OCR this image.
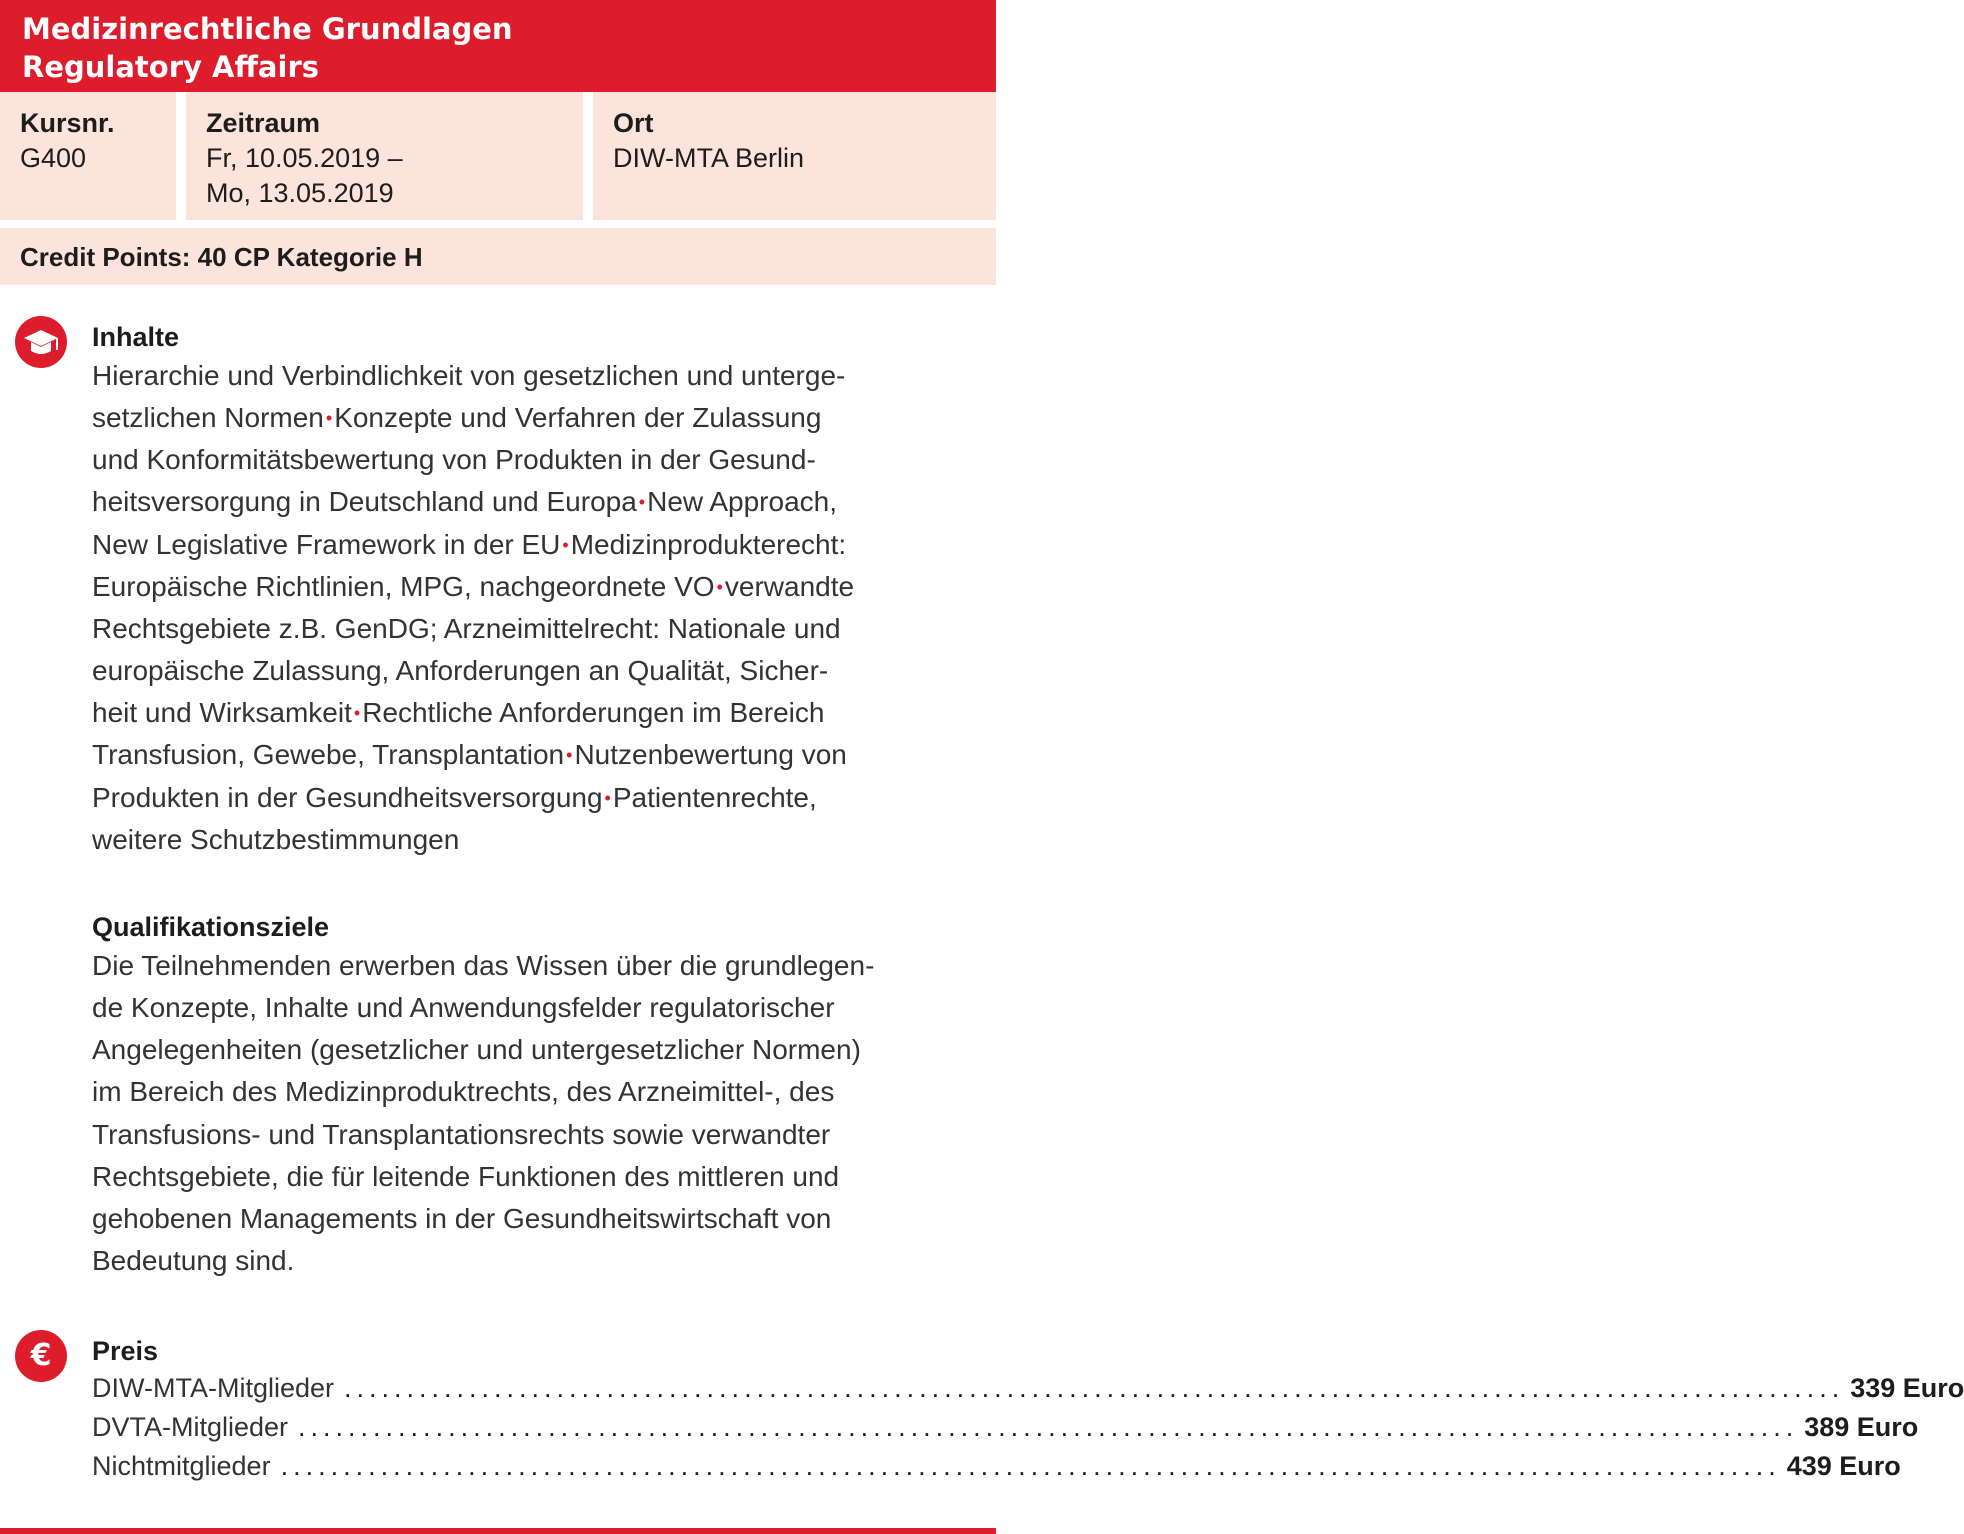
Medizinrechtliche Grundlagen
Regulatory Affairs
Kursnr.
G400
Zeitraum
Fr, 10.05.2019 –
Mo, 13.05.2019
Ort
DIW-MTA Berlin
Credit Points: 40 CP Kategorie H
Inhalte
Hierarchie und Verbindlichkeit von gesetzlichen und unterge-
setzlichen Normen •Konzepte und Verfahren der Zulassung
und Konformitätsbewertung von Produkten in der Gesund-
heitsversorgung in Deutschland und Europa •New Approach,
New Legislative Framework in der EU •Medizinprodukterecht:
Europäische Richtlinien, MPG, nachgeordnete VO •verwandte
Rechtsgebiete z.B. GenDG; Arzneimittelrecht: Nationale und
europäische Zulassung, Anforderungen an Qualität, Sicher-
heit und Wirksamkeit •Rechtliche Anforderungen im Bereich
Transfusion, Gewebe, Transplantation •Nutzenbewertung von
Produkten in der Gesundheitsversorgung •Patientenrechte,
weitere Schutzbestimmungen
Qualifikationsziele
Die Teilnehmenden erwerben das Wissen über die grundlegen-
de Konzepte, Inhalte und Anwendungsfelder regulatorischer
Angelegenheiten (gesetzlicher und untergesetzlicher Normen)
im Bereich des Medizinproduktrechts, des Arzneimittel-, des
Transfusions- und Transplantationsrechts sowie verwandter
Rechtsgebiete, die für leitende Funktionen des mittleren und
gehobenen Managements in der Gesundheitswirtschaft von
Bedeutung sind.
€	Preis
DIW-MTA-Mitglieder ........................................................................................................................ 339 Euro
DVTA-Mitglieder ........................................................................................................................ 389 Euro
Nichtmitglieder ........................................................................................................................ 439 Euro
